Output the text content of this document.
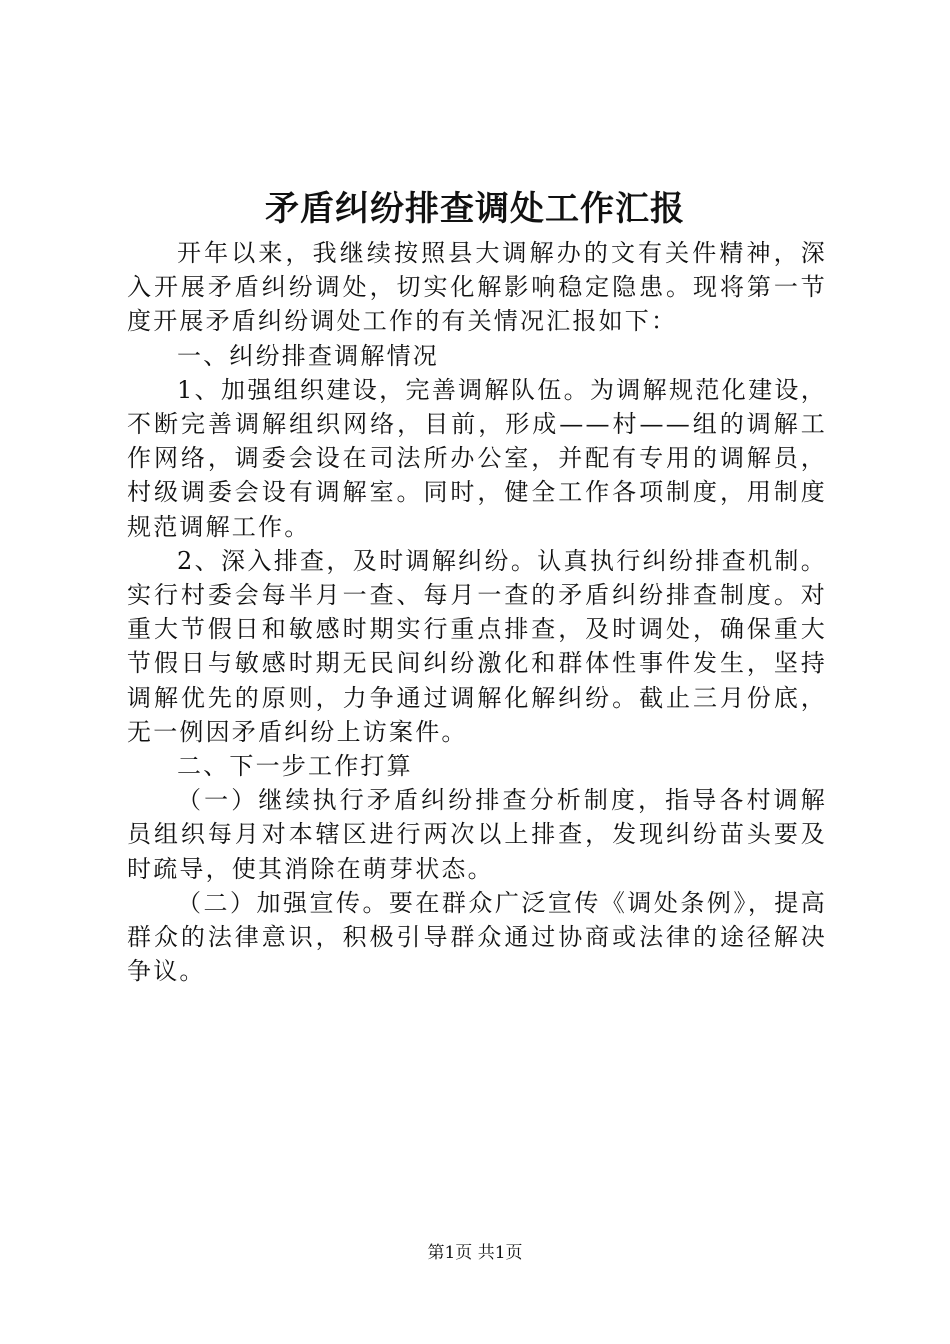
矛盾纠纷排查调处工作汇报

开年以来，我继续按照县大调解办的文有关件精神，深入开展矛盾纠纷调处，切实化解影响稳定隐患。现将第一节度开展矛盾纠纷调处工作的有关情况汇报如下：

一、纠纷排查调解情况

1、加强组织建设，完善调解队伍。为调解规范化建设，不断完善调解组织网络，目前，形成——村——组的调解工作网络，调委会设在司法所办公室，并配有专用的调解员，村级调委会设有调解室。同时，健全工作各项制度，用制度规范调解工作。

2、深入排查，及时调解纠纷。认真执行纠纷排查机制。实行村委会每半月一查、每月一查的矛盾纠纷排查制度。对重大节假日和敏感时期实行重点排查，及时调处，确保重大节假日与敏感时期无民间纠纷激化和群体性事件发生，坚持调解优先的原则，力争通过调解化解纠纷。截止三月份底，无一例因矛盾纠纷上访案件。

二、下一步工作打算

（一）继续执行矛盾纠纷排查分析制度，指导各村调解员组织每月对本辖区进行两次以上排查，发现纠纷苗头要及时疏导，使其消除在萌芽状态。

（二）加强宣传。要在群众广泛宣传《调处条例》，提高群众的法律意识，积极引导群众通过协商或法律的途径解决争议。

第1页 共1页
